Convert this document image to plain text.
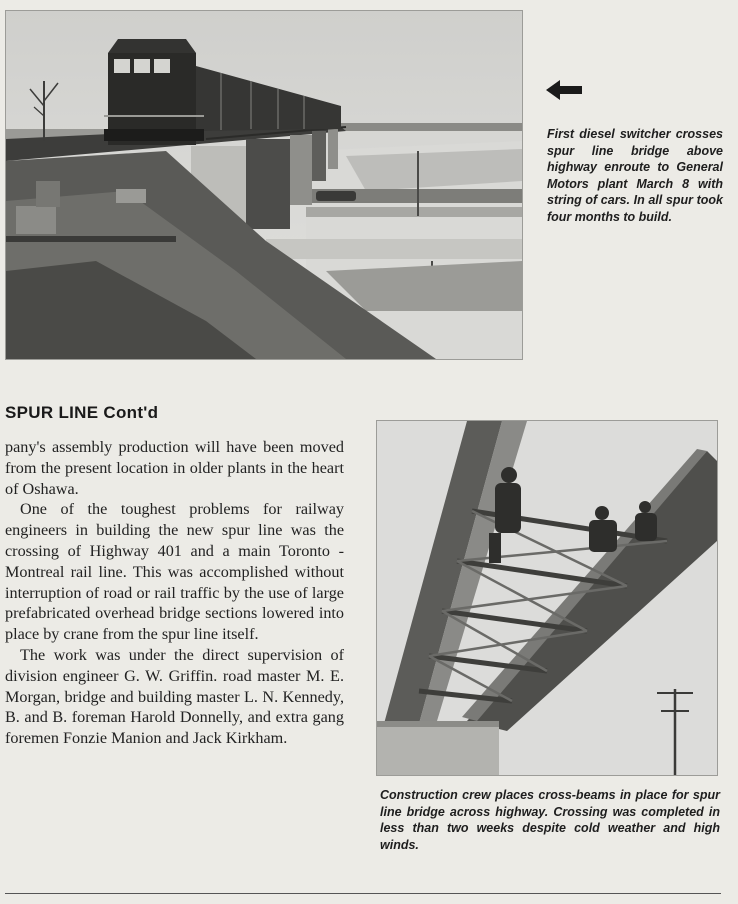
First diesel switcher crosses spur line bridge above highway enroute to General Motors plant March 8 with string of cars. In all spur took four months to build.

SPUR LINE Cont'd

pany's assembly production will have been moved from the present location in older plants in the heart of Oshawa.

One of the toughest problems for railway engineers in building the new spur line was the crossing of Highway 401 and a main Toronto - Montreal rail line. This was accomplished without interruption of road or rail traffic by the use of large prefabricated overhead bridge sections lowered into place by crane from the spur line itself.

The work was under the direct supervision of division engineer G. W. Griffin. road master M. E. Morgan, bridge and building master L. N. Kennedy, B. and B. foreman Harold Donnelly, and extra gang foremen Fonzie Manion and Jack Kirkham.

Construction crew places cross-beams in place for spur line bridge across highway. Crossing was completed in less than two weeks despite cold weather and high winds.
